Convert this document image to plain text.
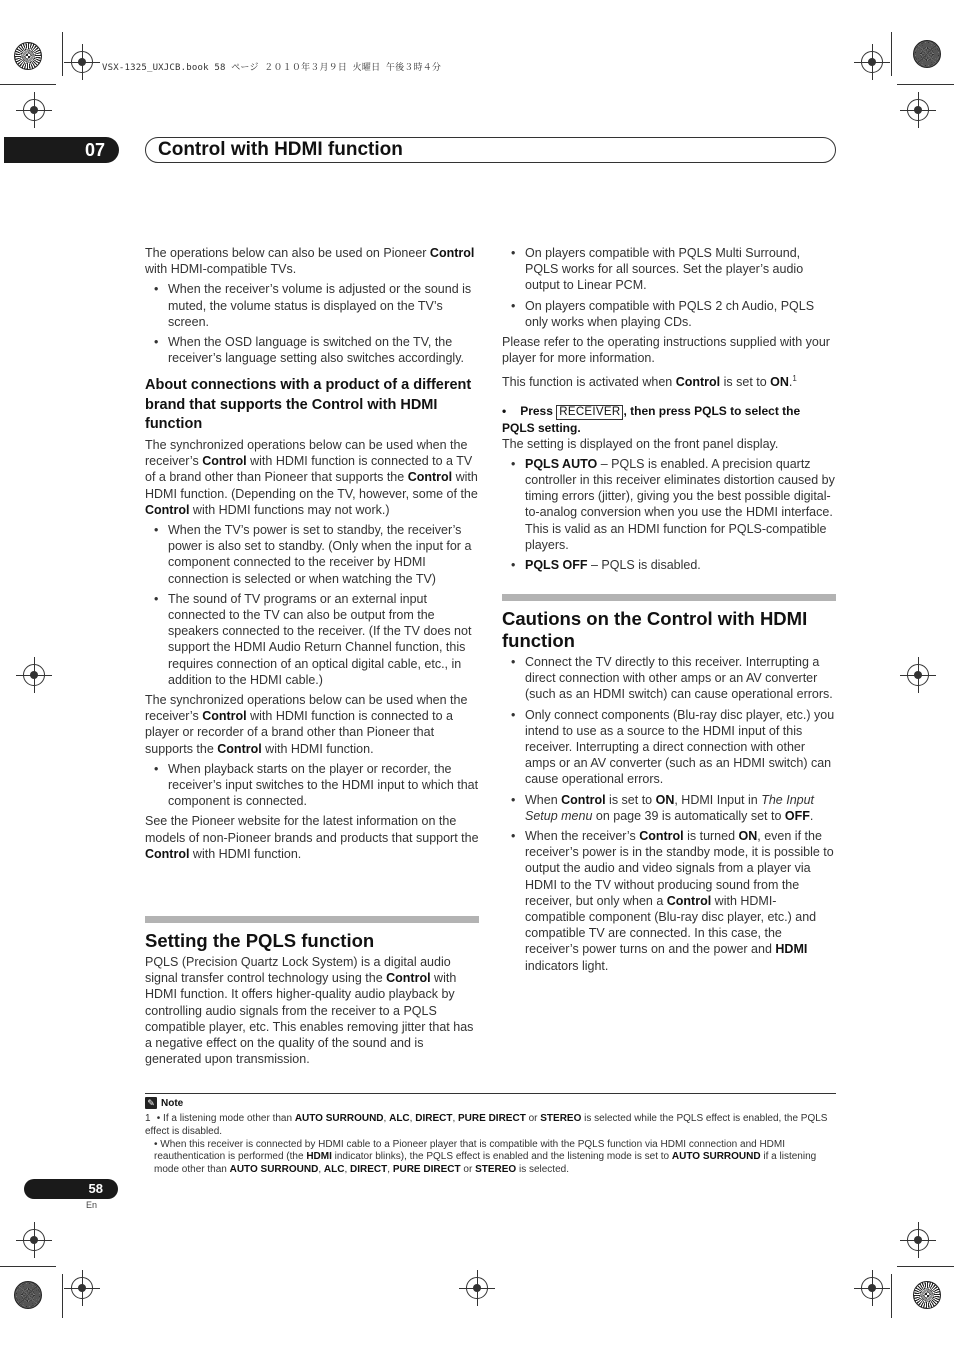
VSX-1325_UXJCB.book 58 ページ ２０１０年３月９日 火曜日 午後３時４分
07	Control with HDMI function

The operations below can also be used on Pioneer Control with HDMI-compatible TVs.

• When the receiver’s volume is adjusted or the sound is muted, the volume status is displayed on the TV’s screen.
• When the OSD language is switched on the TV, the receiver’s language setting also switches accordingly.
About connections with a product of a different brand that supports the Control with HDMI function

The synchronized operations below can be used when the receiver’s Control with HDMI function is connected to a TV of a brand other than Pioneer that supports the Control with HDMI function. (Depending on the TV, however, some of the Control with HDMI functions may not work.)

• When the TV’s power is set to standby, the receiver’s power is also set to standby. (Only when the input for a component connected to the receiver by HDMI connection is selected or when watching the TV)
• The sound of TV programs or an external input connected to the TV can also be output from the speakers connected to the receiver. (If the TV does not support the HDMI Audio Return Channel function, this requires connection of an optical digital cable, etc., in addition to the HDMI cable.)

The synchronized operations below can be used when the receiver’s Control with HDMI function is connected to a player or recorder of a brand other than Pioneer that supports the Control with HDMI function.

• When playback starts on the player or recorder, the receiver’s input switches to the HDMI input to which that component is connected.

See the Pioneer website for the latest information on the models of non-Pioneer brands and products that support the Control with HDMI function.

Setting the PQLS function

PQLS (Precision Quartz Lock System) is a digital audio signal transfer control technology using the Control with HDMI function. It offers higher-quality audio playback by controlling audio signals from the receiver to a PQLS compatible player, etc. This enables removing jitter that has a negative effect on the quality of the sound and is generated upon transmission.

• On players compatible with PQLS Multi Surround, PQLS works for all sources. Set the player’s audio output to Linear PCM.
• On players compatible with PQLS 2 ch Audio, PQLS only works when playing CDs.

Please refer to the operating instructions supplied with your player for more information.

This function is activated when Control is set to ON.$^1$

• Press RECEIVER , then press PQLS to select the PQLS setting.

The setting is displayed on the front panel display.

• PQLS AUTO – PQLS is enabled. A precision quartz controller in this receiver eliminates distortion caused by timing errors (jitter), giving you the best possible digital-to-analog conversion when you use the HDMI interface. This is valid as an HDMI function for PQLS-compatible players.
• PQLS OFF – PQLS is disabled.
Cautions on the Control with HDMI function
• Connect the TV directly to this receiver. Interrupting a direct connection with other amps or an AV converter (such as an HDMI switch) can cause operational errors.
• Only connect components (Blu-ray disc player, etc.) you intend to use as a source to the HDMI input of this receiver. Interrupting a direct connection with other amps or an AV converter (such as an HDMI switch) can cause operational errors.
• When Control is set to ON, HDMI Input in The Input Setup menu on page 39 is automatically set to OFF.
• When the receiver’s Control is turned ON, even if the receiver’s power is in the standby mode, it is possible to output the audio and video signals from a player via HDMI to the TV without producing sound from the receiver, but only when a Control with HDMI-compatible component (Blu-ray disc player, etc.) and compatible TV are connected. In this case, the receiver’s power turns on and the power and HDMI indicators light.
✎ Note

1 • If a listening mode other than AUTO SURROUND, ALC, DIRECT, PURE DIRECT or STEREO is selected while the PQLS effect is enabled, the PQLS effect is disabled.

• When this receiver is connected by HDMI cable to a Pioneer player that is compatible with the PQLS function via HDMI connection and HDMI reauthentication is performed (the HDMI indicator blinks), the PQLS effect is enabled and the listening mode is set to AUTO SURROUND if a listening mode other than AUTO SURROUND, ALC, DIRECT, PURE DIRECT or STEREO is selected.

58
En
